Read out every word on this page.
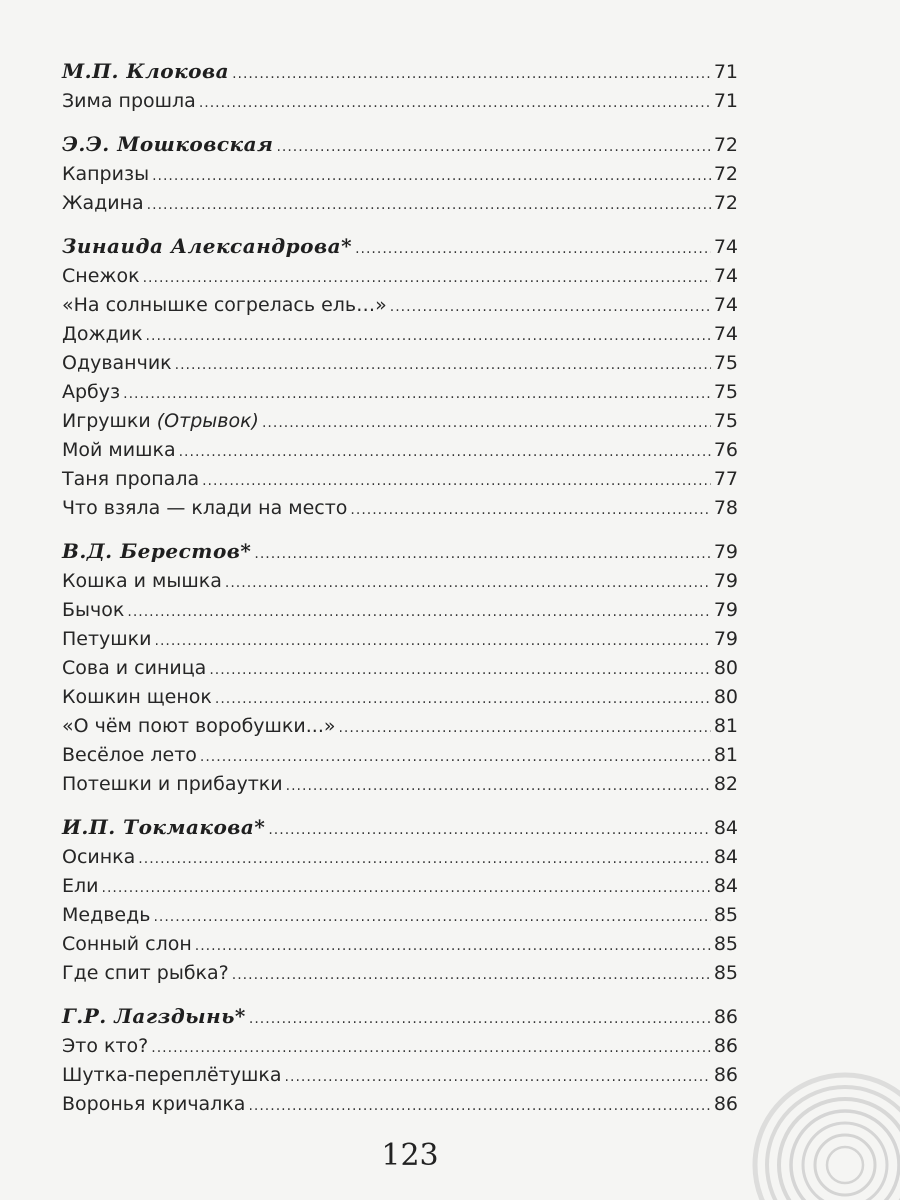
М.П. Клокова .....	71
Зима прошла .....	71
Э.Э. Мошковская .....	72
Капризы .....	72
Жадина .....	72
Зинаида Александрова* .....	74
Снежок .....	74
«На солнышке согрелась ель…» .....	74
Дождик .....	74
Одуванчик .....	75
Арбуз .....	75
Игрушки (Отрывок) .....	75
Мой мишка .....	76
Таня пропала .....	77
Что взяла — клади на место .....	78
В.Д. Берестов* .....	79
Кошка и мышка .....	79
Бычок .....	79
Петушки .....	79
Сова и синица .....	80
Кошкин щенок .....	80
«О чём поют воробушки...» .....	81
Весёлое лето .....	81
Потешки и прибаутки .....	82
И.П. Токмакова* .....	84
Осинка .....	84
Ели .....	84
Медведь .....	85
Сонный слон .....	85
Где спит рыбка? .....	85
Г.Р. Лагздынь* .....	86
Это кто? .....	86
Шутка-переплётушка .....	86
Воронья кричалка .....	86
123
